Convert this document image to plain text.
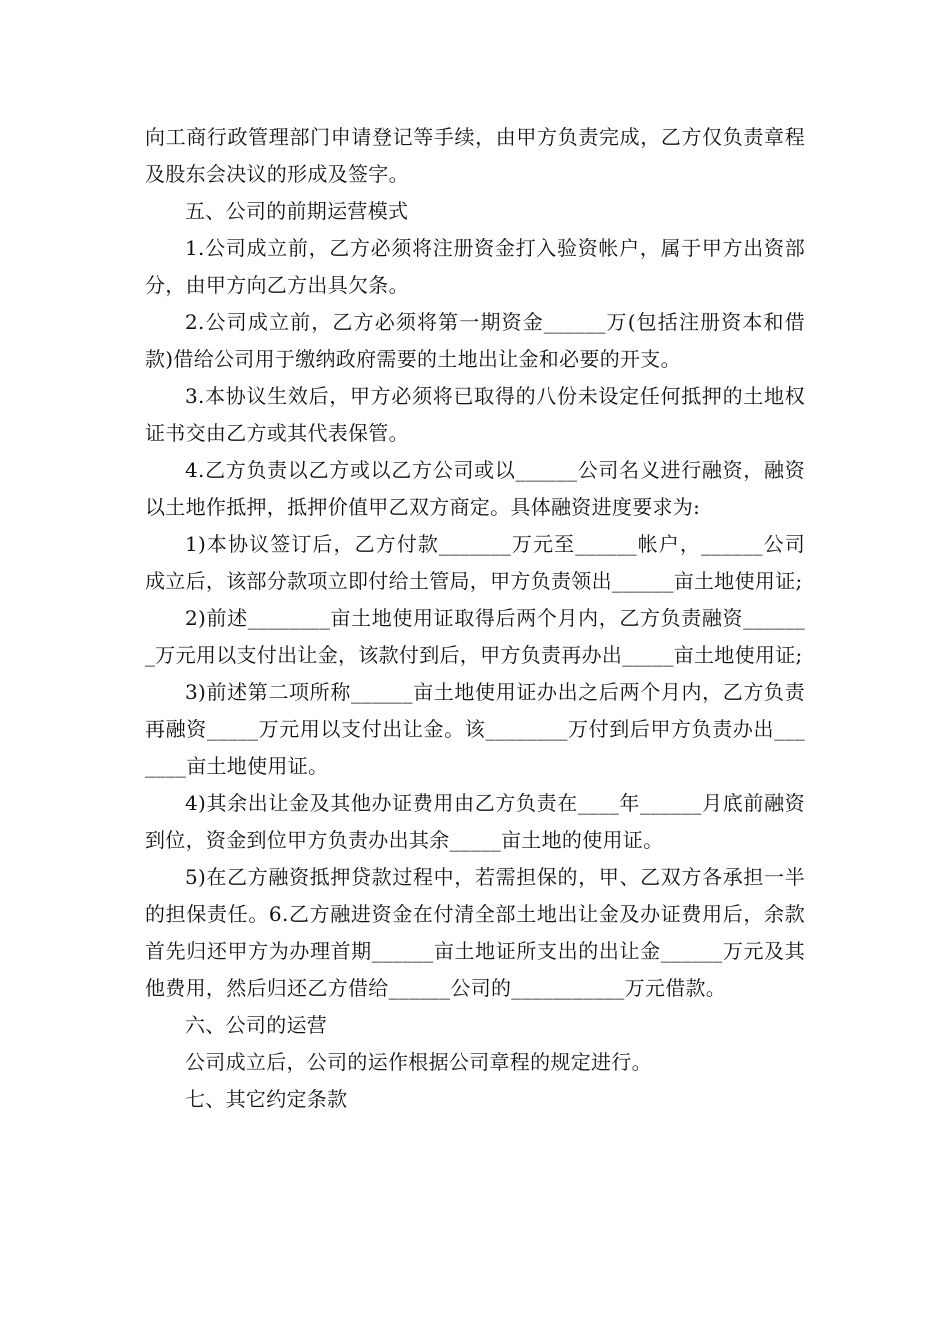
向工商行政管理部门申请登记等手续，由甲方负责完成，乙方仅负责章程及股东会决议的形成及签字。

五、公司的前期运营模式

1.公司成立前，乙方必须将注册资金打入验资帐户，属于甲方出资部分，由甲方向乙方出具欠条。

2.公司成立前，乙方必须将第一期资金______万(包括注册资本和借款)借给公司用于缴纳政府需要的土地出让金和必要的开支。

3.本协议生效后，甲方必须将已取得的八份未设定任何抵押的土地权证书交由乙方或其代表保管。

4.乙方负责以乙方或以乙方公司或以______公司名义进行融资，融资以土地作抵押，抵押价值甲乙双方商定。具体融资进度要求为:

1)本协议签订后，乙方付款_______万元至______帐户，______公司成立后，该部分款项立即付给土管局，甲方负责领出______亩土地使用证;

2)前述________亩土地使用证取得后两个月内，乙方负责融资_______万元用以支付出让金，该款付到后，甲方负责再办出_____亩土地使用证;

3)前述第二项所称______亩土地使用证办出之后两个月内，乙方负责再融资_____万元用以支付出让金。该________万付到后甲方负责办出_______亩土地使用证。

4)其余出让金及其他办证费用由乙方负责在____年______月底前融资到位，资金到位甲方负责办出其余_____亩土地的使用证。

5)在乙方融资抵押贷款过程中，若需担保的，甲、乙双方各承担一半的担保责任。6.乙方融进资金在付清全部土地出让金及办证费用后，余款首先归还甲方为办理首期______亩土地证所支出的出让金______万元及其他费用，然后归还乙方借给______公司的___________万元借款。

六、公司的运营

公司成立后，公司的运作根据公司章程的规定进行。

七、其它约定条款
